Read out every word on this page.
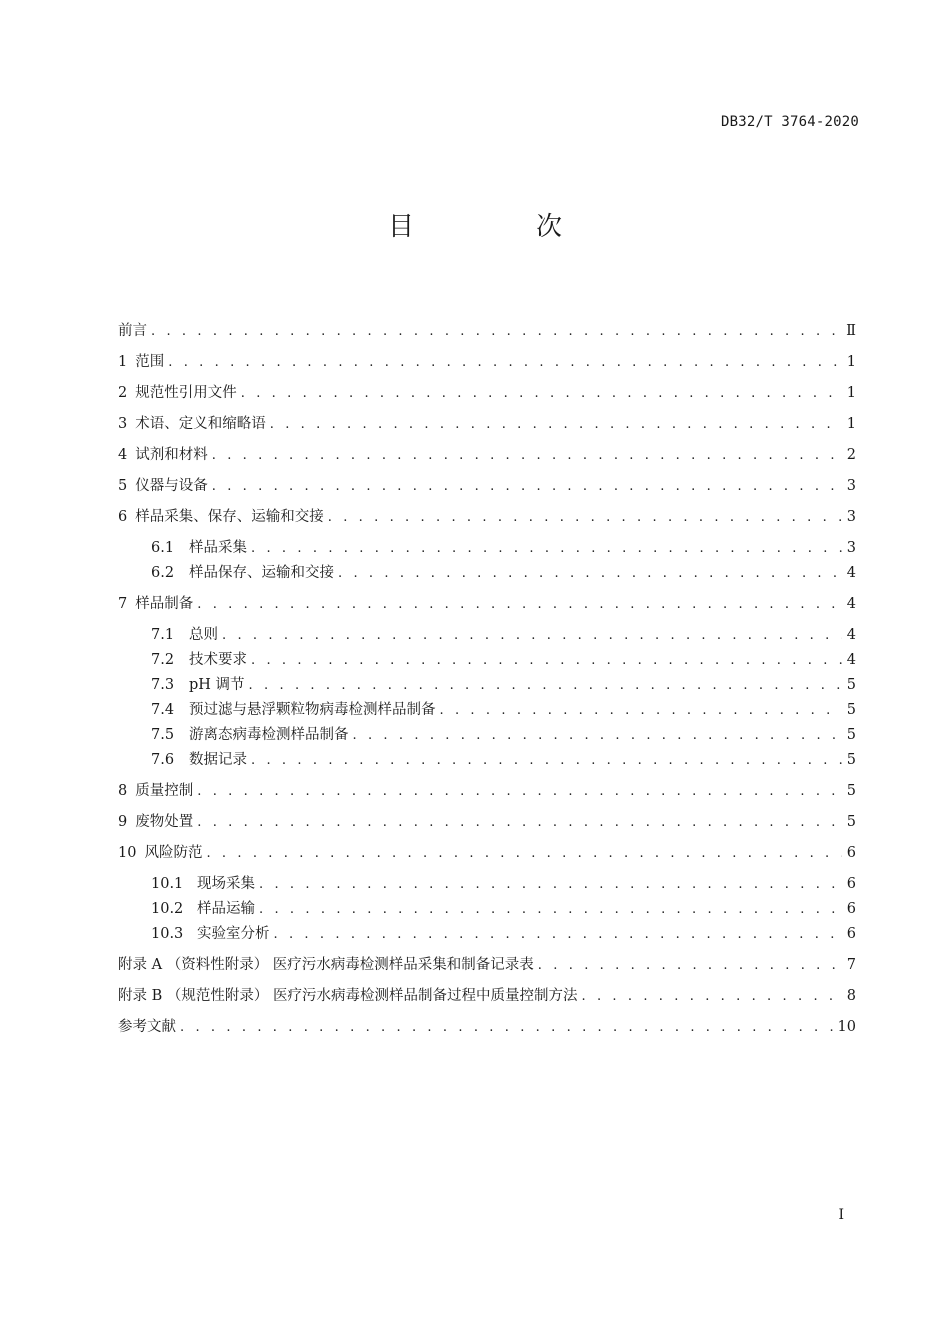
DB32/T 3764-2020
目　次
前言 . . .	Ⅱ
1 范围 . . .	1
2 规范性引用文件 . . .	1
3 术语、定义和缩略语 . . .	1
4 试剂和材料 . . .	2
5 仪器与设备 . . .	3
6 样品采集、保存、运输和交接 . . .	3
6.1 样品采集 . . .	3
6.2 样品保存、运输和交接 . . .	4
7 样品制备 . . .	4
7.1 总则 . . .	4
7.2 技术要求 . . .	4
7.3 pH 调节 . . .	5
7.4 预过滤与悬浮颗粒物病毒检测样品制备 . . .	5
7.5 游离态病毒检测样品制备 . . .	5
7.6 数据记录 . . .	5
8 质量控制 . . .	5
9 废物处置 . . .	5
10 风险防范 . . .	6
10.1 现场采集 . . .	6
10.2 样品运输 . . .	6
10.3 实验室分析 . . .	6
附录 A （资料性附录） 医疗污水病毒检测样品采集和制备记录表 . . .	7
附录 B （规范性附录） 医疗污水病毒检测样品制备过程中质量控制方法 . . .	8
参考文献 . . .	10
I
